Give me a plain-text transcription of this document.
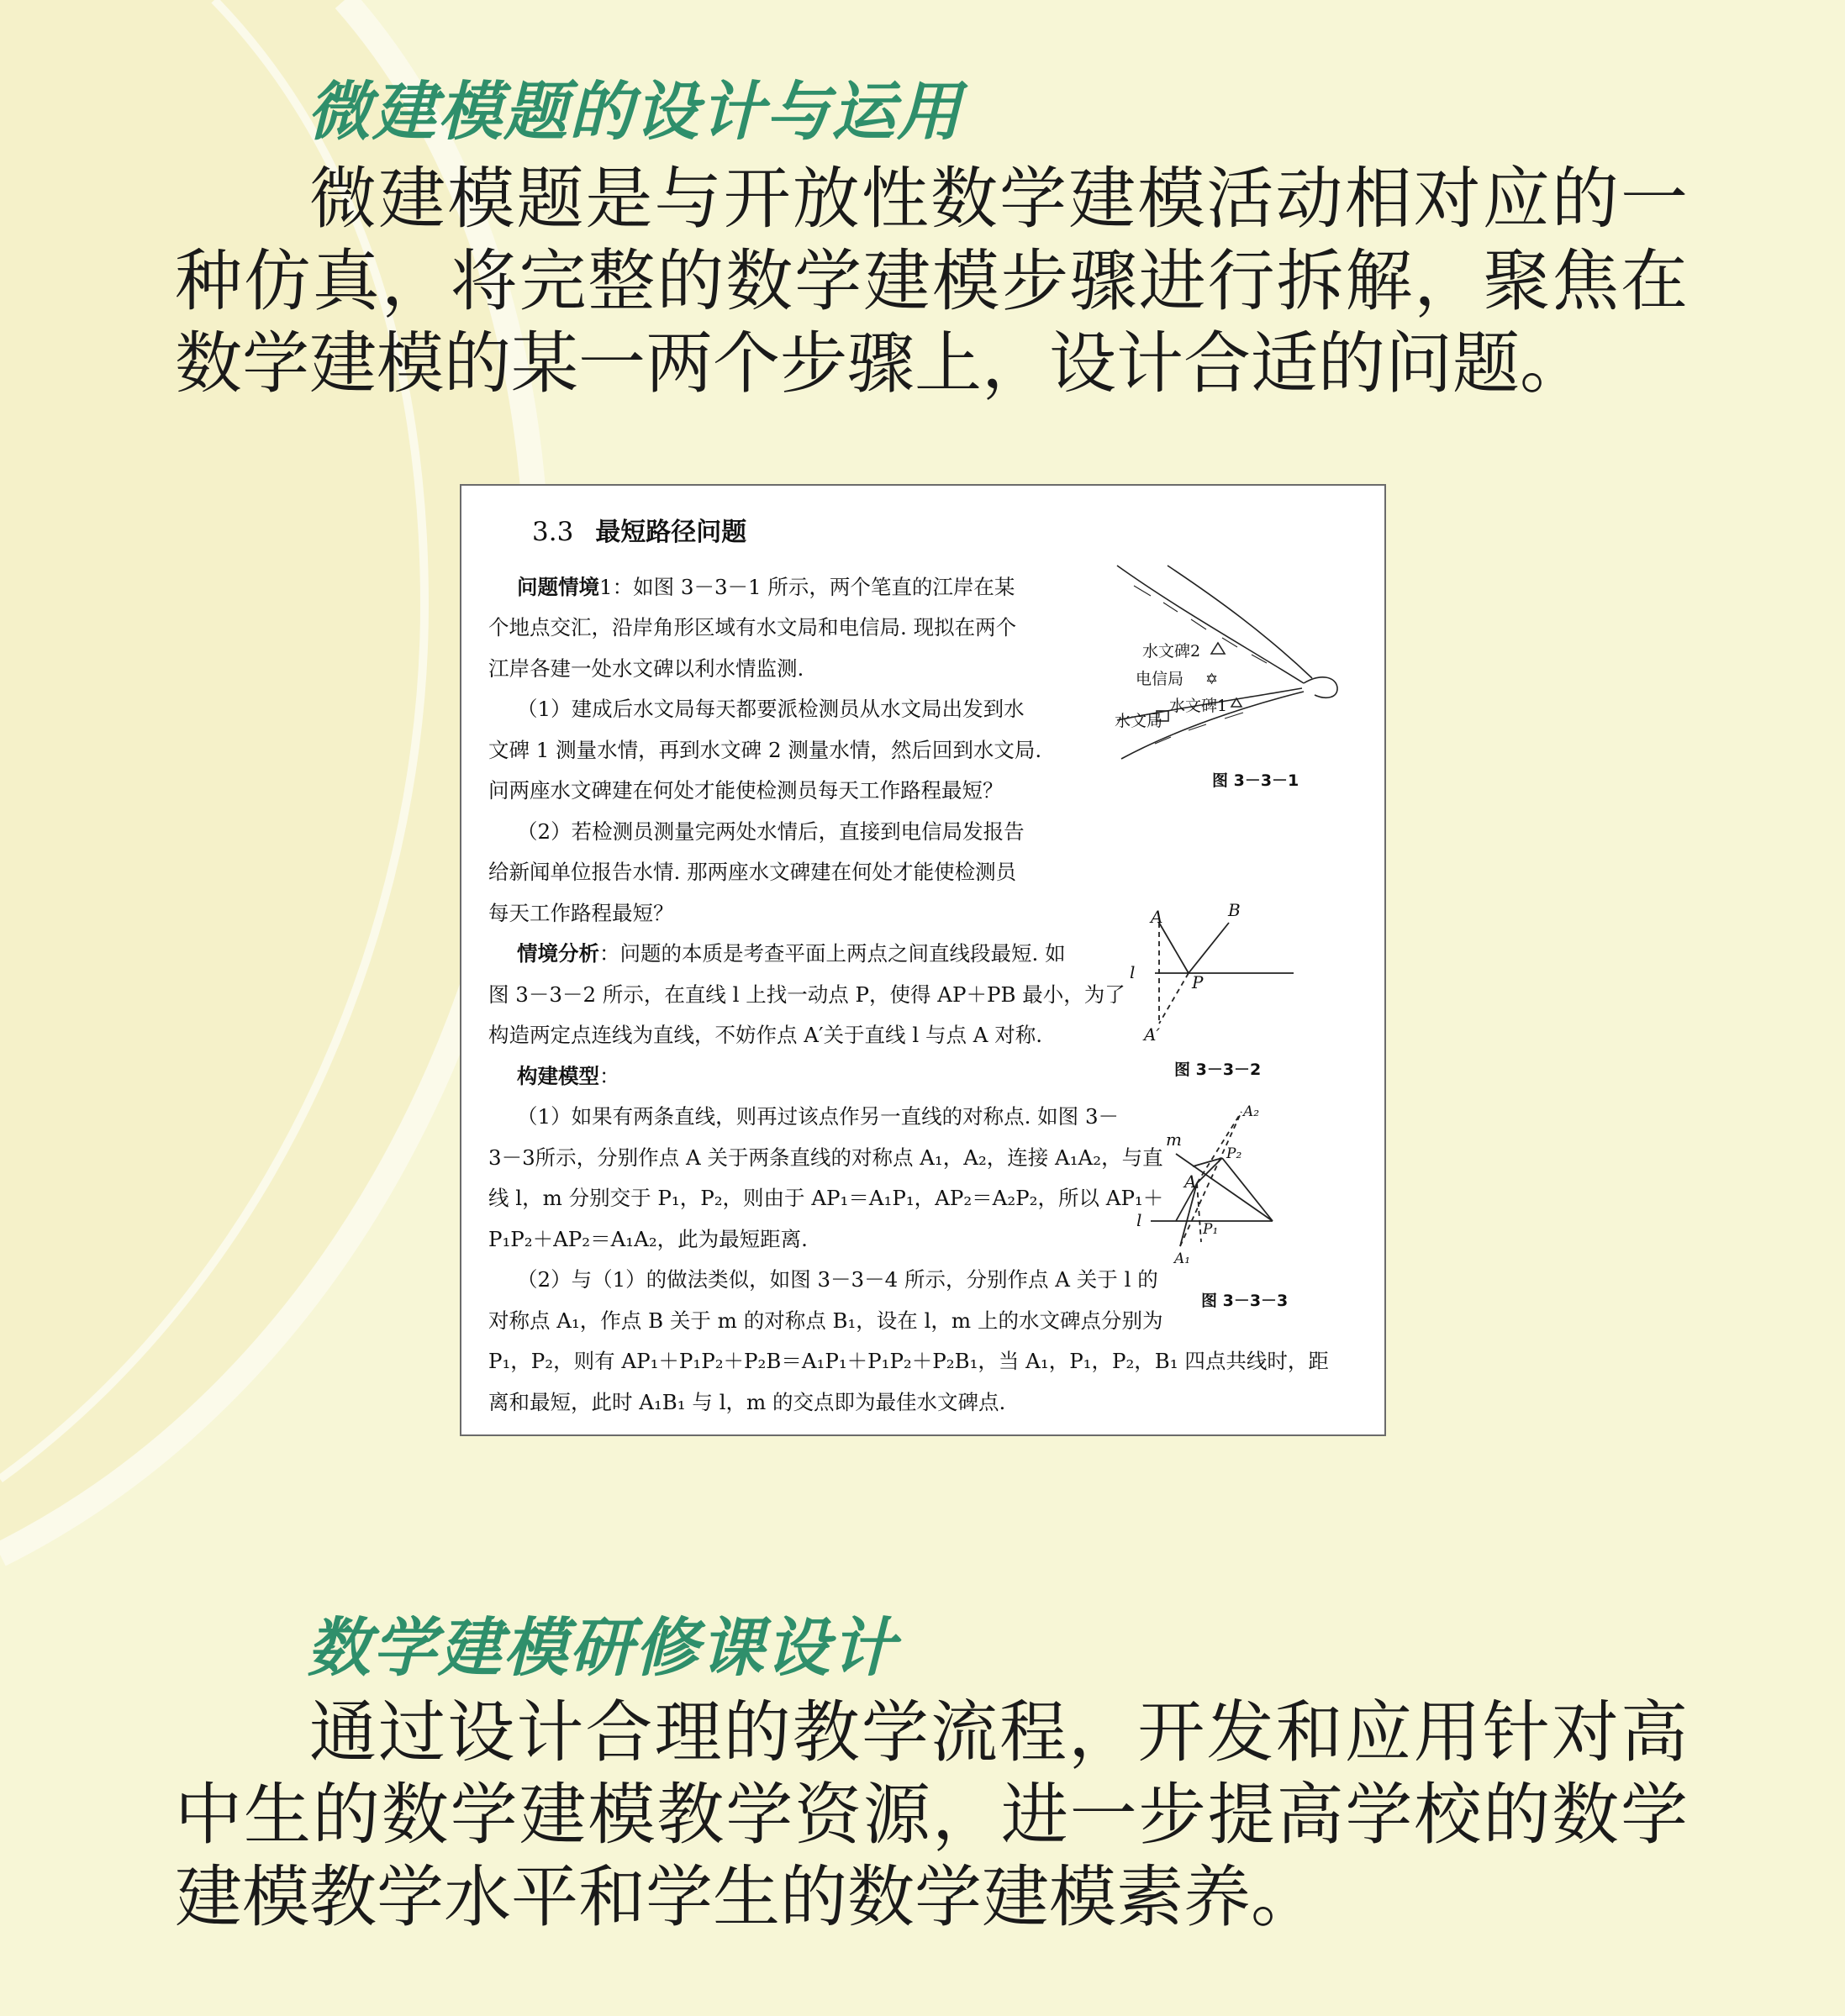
微建模题的设计与运用

微建模题是与开放性数学建模活动相对应的一种仿真，将完整的数学建模步骤进行拆解，聚焦在数学建模的某一两个步骤上，设计合适的问题。

3.3 最短路径问题
问题情境1：如图 3－3－1 所示，两个笔直的江岸在某
个地点交汇，沿岸角形区域有水文局和电信局. 现拟在两个
江岸各建一处水文碑以利水情监测.
（1）建成后水文局每天都要派检测员从水文局出发到水
文碑 1 测量水情，再到水文碑 2 测量水情，然后回到水文局.
问两座水文碑建在何处才能使检测员每天工作路程最短？
（2）若检测员测量完两处水情后，直接到电信局发报告
给新闻单位报告水情. 那两座水文碑建在何处才能使检测员
每天工作路程最短？
情境分析：问题的本质是考查平面上两点之间直线段最短. 如
图 3－3－2 所示，在直线 l 上找一动点 P，使得 AP＋PB 最小，为了
构造两定点连线为直线，不妨作点 A′关于直线 l 与点 A 对称.
构建模型：
（1）如果有两条直线，则再过该点作另一直线的对称点. 如图 3－
3－3所示，分别作点 A 关于两条直线的对称点 A₁，A₂，连接 A₁A₂，与直
线 l，m 分别交于 P₁，P₂，则由于 AP₁＝A₁P₁，AP₂＝A₂P₂，所以 AP₁＋
P₁P₂＋AP₂＝A₁A₂，此为最短距离.
（2）与（1）的做法类似，如图 3－3－4 所示，分别作点 A 关于 l 的
对称点 A₁，作点 B 关于 m 的对称点 B₁，设在 l，m 上的水文碑点分别为
P₁，P₂，则有 AP₁＋P₁P₂＋P₂B＝A₁P₁＋P₁P₂＋P₂B₁，当 A₁，P₁，P₂，B₁ 四点共线时，距
离和最短，此时 A₁B₁ 与 l，m 的交点即为最佳水文碑点.
✡
水文碑2
电信局
水文碑1
水文局
图 3－3－1
A	B
l	P
A′
图 3－3－2
A₂
m
P₂
A
l	P₁
A₁
图 3－3－3
数学建模研修课设计

通过设计合理的教学流程，开发和应用针对高中生的数学建模教学资源，进一步提高学校的数学建模教学水平和学生的数学建模素养。
